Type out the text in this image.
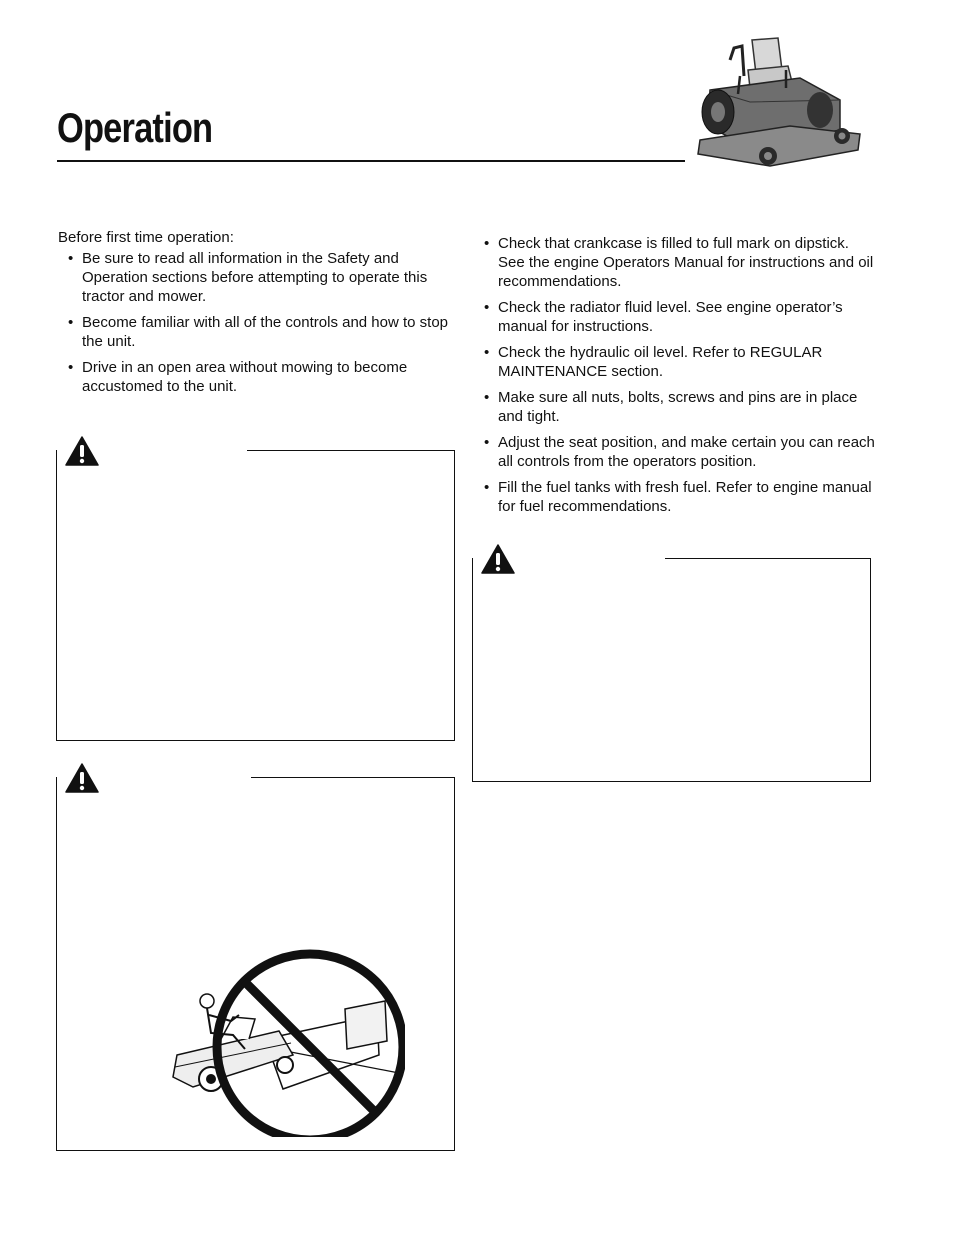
Operation

Before first time operation:

• Be sure to read all information in the Safety and Operation sections before attempting to operate this tractor and mower.
• Become familiar with all of the controls and how to stop the unit.
• Drive in an open area without mowing to become accustomed to the unit.
• Check that crankcase is filled to full mark on dipstick. See the engine Operators Manual for instructions and oil recommendations.
• Check the radiator fluid level. See engine operator’s manual for instructions.
• Check the hydraulic oil level. Refer to REGULAR MAINTENANCE section.
• Make sure all nuts, bolts, screws and pins are in place and tight.
• Adjust the seat position, and make certain you can reach all controls from the operators position.
• Fill the fuel tanks with fresh fuel. Refer to engine manual for fuel recommendations.
